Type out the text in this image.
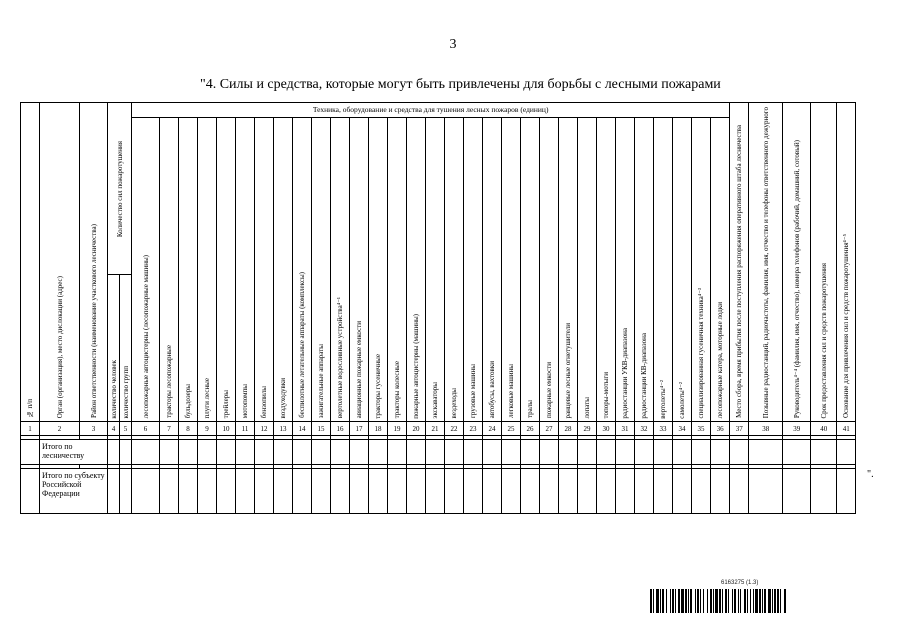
3
"4. Силы и средства, которые могут быть привлечены для борьбы с лесными пожарами
№ п/п	Орган (организация), место дислокации (адрес)	Район ответственности (наименование участкового лесничества)	Количество сил пожаротушения		Техника, оборудование и средства для тушения лесных пожаров (единиц)																															Место сбора, время прибытия после поступления распоряжения оперативного штаба лесничества	Позывные радиостанций, радиочастоты, фамилия, имя, отчество и телефоны ответственного дежурного	Руководитель⁴⁻⁴ (фамилия, имя, отчество), номера телефонов (рабочий, домашний, сотовый)	Срок предоставления сил и средств пожаротушения	Основание для привлечения сил и средств пожаротушения⁴⁻⁵

					лесопожарные автоцистерны (лесопожарные машины)	тракторы лесопожарные	бульдозеры	плуги лесные	трейлеры	мотопомпы	бензопилы	воздуходувки	беспилотные летательные аппараты (комплексы)	зажигательные аппараты	вертолетные водосливные устройства⁴⁻¹	авиационные пожарные емкости	тракторы гусеничные	тракторы колесные	пожарные автоцистерны (машины)	экскаваторы	вездеходы	грузовые машины	автобусы, вахтовки	легковые машины	тралы	пожарные емкости	ранцевые лесные огнетушители	лопаты	топоры-мотыги	радиостанции УКВ-диапазона	радиостанции КВ-диапазона	вертолеты⁴⁻²	самолеты⁴⁻²	специализированная гусеничная техника⁴⁻³	лесопожарные катера, моторные лодки					

			количество человек	количество групп																																				

1	2	3	4	5	6	7	8	9	10	11	12	13	14	15	16	17	18	19	20	21	22	23	24	25	26	27	28	29	30	31	32	33	34	35	36	37	38	39	40	41

	Итого по лесничеству																																							

	Итого по субъекту Российской Федерации																																							
".
6163275 (1.3)
